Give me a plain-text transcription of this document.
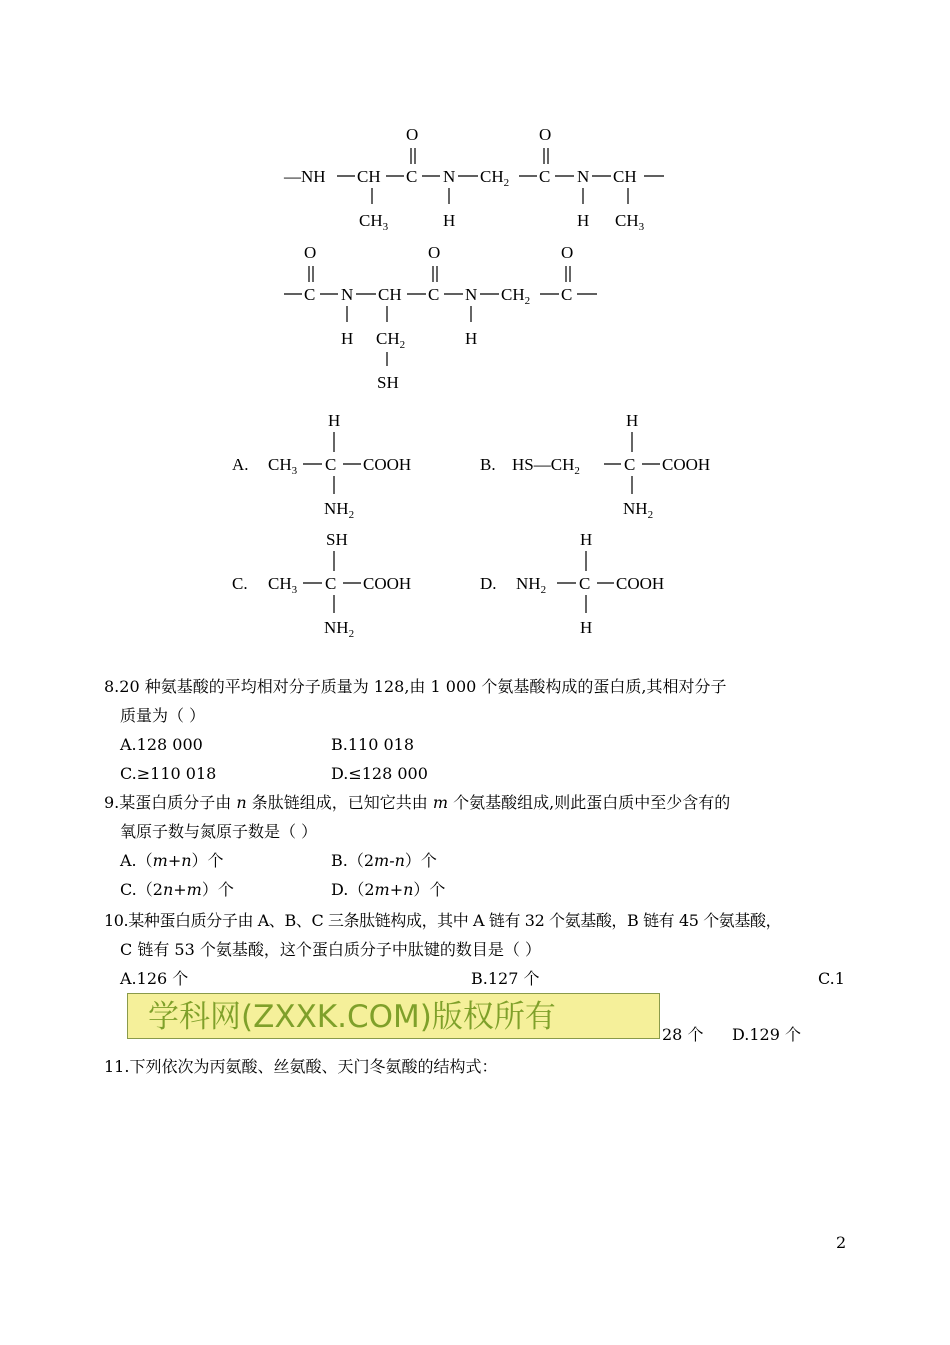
—NH CH C
O
N
H
$CH_2$ C
O
N
H
CH
$CH_3$	$CH_3$
C
O
N
H
CH
$CH_2$
SH
C
O
N
H
$CH_2$ C
O
A. $CH_3$ C COOH
H
$NH_2$
B. $HS—CH_2$	C COOH
H
$NH_2$
C. $CH_3$ C COOH
SH
$NH_2$
D. $NH_2$ C COOH
H
H
8.20 种氨基酸的平均相对分子质量为 128,由 1 000 个氨基酸构成的蛋白质,其相对分子
质量为（ ）
A.128 000	B.110 018
C.≥110 018	D.≤128 000
9.某蛋白质分子由 n 条肽链组成，已知它共由 m 个氨基酸组成,则此蛋白质中至少含有的
氧原子数与氮原子数是（ ）
A.（m+n）个	B.（2m-n）个
C.（2n+m）个	D.（2m+n）个
10.某种蛋白质分子由 A、B、C 三条肽链构成，其中 A 链有 32 个氨基酸，B 链有 45 个氨基酸，
C 链有 53 个氨基酸，这个蛋白质分子中肽键的数目是（ ）
A.126 个	B.127 个	C.1
学科网(ZXXK.COM)版权所有	28 个 D.129 个
11.下列依次为丙氨酸、丝氨酸、天门冬氨酸的结构式：
2
